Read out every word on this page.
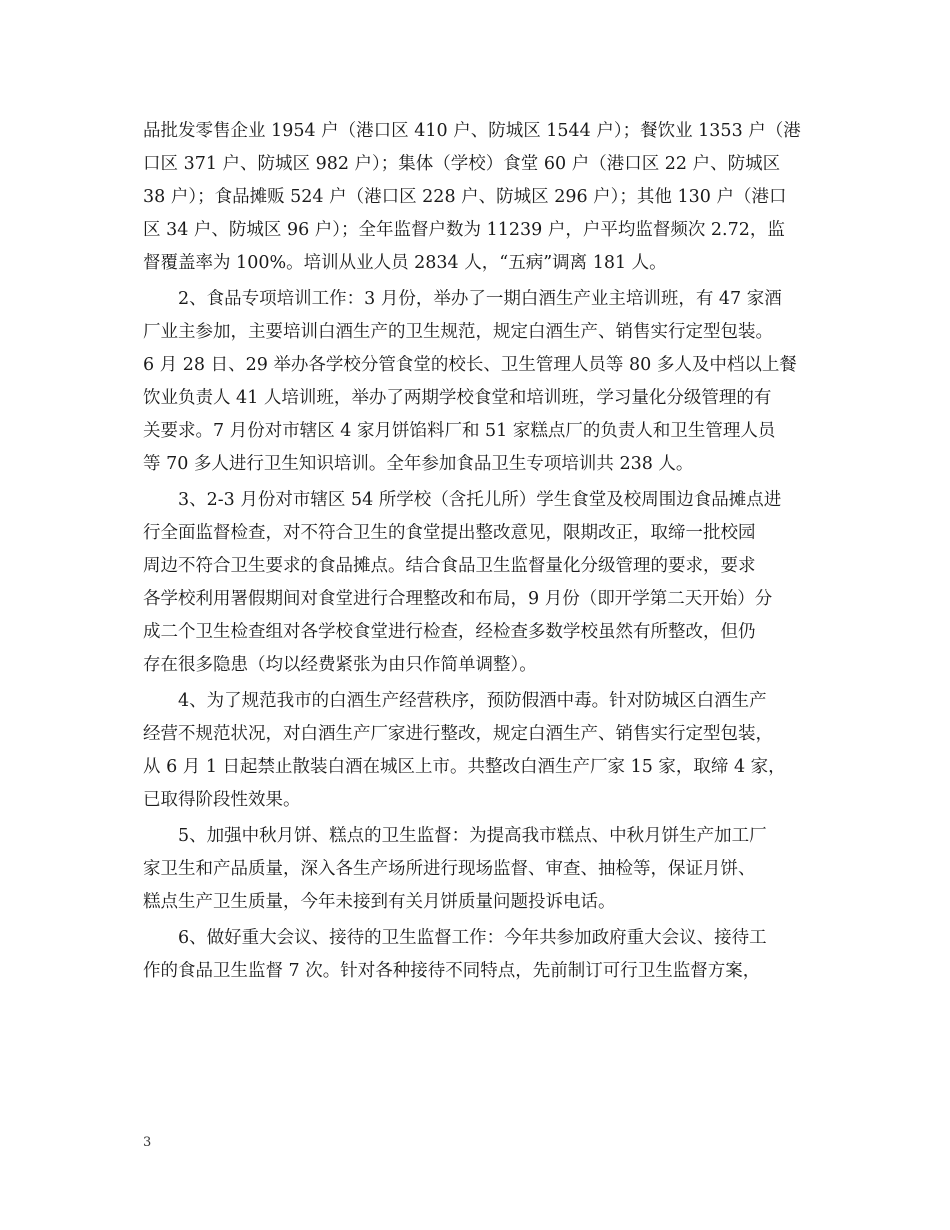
品批发零售企业 1954 户（港口区 410 户、防城区 1544 户）；餐饮业 1353 户（港
口区 371 户、防城区 982 户）；集体（学校）食堂 60 户（港口区 22 户、防城区
38 户）；食品摊贩 524 户（港口区 228 户、防城区 296 户）；其他 130 户（港口
区 34 户、防城区 96 户）；全年监督户数为 11239 户，户平均监督频次 2.72，监
督覆盖率为 100%。培训从业人员 2834 人，“五病”调离 181 人。
　　2、食品专项培训工作：3 月份，举办了一期白酒生产业主培训班，有 47 家酒
厂业主参加，主要培训白酒生产的卫生规范，规定白酒生产、销售实行定型包装。
6 月 28 日、29 举办各学校分管食堂的校长、卫生管理人员等 80 多人及中档以上餐
饮业负责人 41 人培训班，举办了两期学校食堂和培训班，学习量化分级管理的有
关要求。7 月份对市辖区 4 家月饼馅料厂和 51 家糕点厂的负责人和卫生管理人员
等 70 多人进行卫生知识培训。全年参加食品卫生专项培训共 238 人。
　　3、2-3 月份对市辖区 54 所学校（含托儿所）学生食堂及校周围边食品摊点进
行全面监督检查，对不符合卫生的食堂提出整改意见，限期改正，取缔一批校园
周边不符合卫生要求的食品摊点。结合食品卫生监督量化分级管理的要求，要求
各学校利用署假期间对食堂进行合理整改和布局，9 月份（即开学第二天开始）分
成二个卫生检查组对各学校食堂进行检查，经检查多数学校虽然有所整改，但仍
存在很多隐患（均以经费紧张为由只作简单调整）。
　　4、为了规范我市的白酒生产经营秩序，预防假酒中毒。针对防城区白酒生产
经营不规范状况，对白酒生产厂家进行整改，规定白酒生产、销售实行定型包装，
从 6 月 1 日起禁止散装白酒在城区上市。共整改白酒生产厂家 15 家，取缔 4 家，
已取得阶段性效果。
　　5、加强中秋月饼、糕点的卫生监督：为提高我市糕点、中秋月饼生产加工厂
家卫生和产品质量，深入各生产场所进行现场监督、审查、抽检等，保证月饼、
糕点生产卫生质量，今年未接到有关月饼质量问题投诉电话。
　　6、做好重大会议、接待的卫生监督工作：今年共参加政府重大会议、接待工
作的食品卫生监督 7 次。针对各种接待不同特点，先前制订可行卫生监督方案，
3
